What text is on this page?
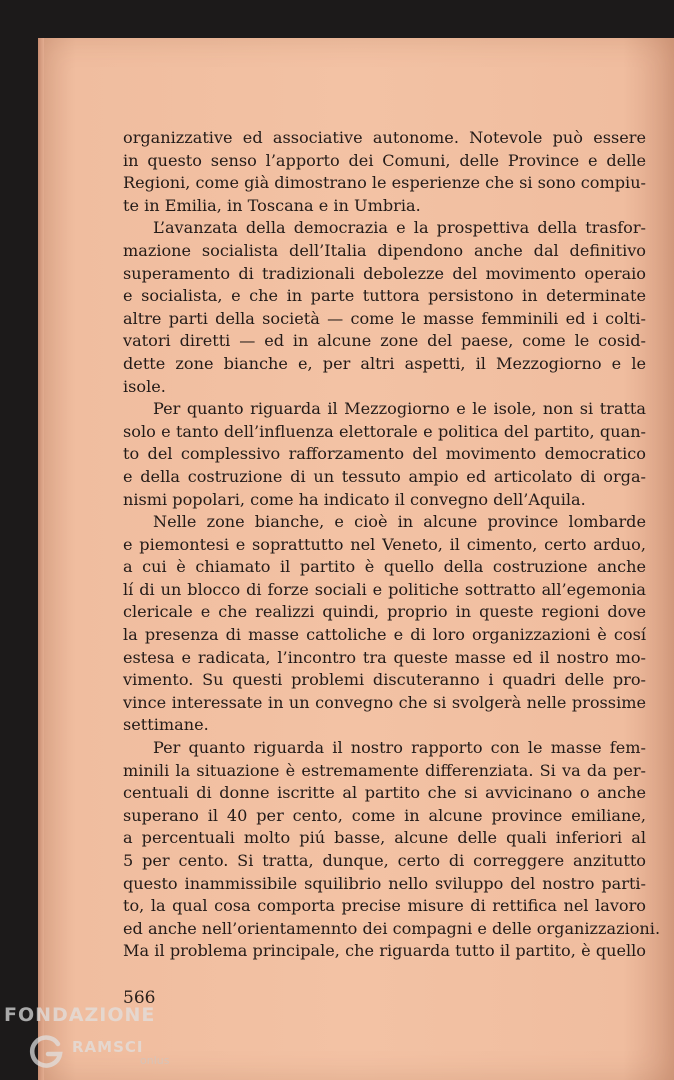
organizzative ed associative autonome. Notevole può essere
in questo senso l’apporto dei Comuni, delle Province e delle
Regioni, come già dimostrano le esperienze che si sono compiu-
te in Emilia, in Toscana e in Umbria.
L’avanzata della democrazia e la prospettiva della trasfor-
mazione socialista dell’Italia dipendono anche dal definitivo
superamento di tradizionali debolezze del movimento operaio
e socialista, e che in parte tuttora persistono in determinate
altre parti della società — come le masse femminili ed i colti-
vatori diretti — ed in alcune zone del paese, come le cosid-
dette zone bianche e, per altri aspetti, il Mezzogiorno e le
isole.
Per quanto riguarda il Mezzogiorno e le isole, non si tratta
solo e tanto dell’influenza elettorale e politica del partito, quan-
to del complessivo rafforzamento del movimento democratico
e della costruzione di un tessuto ampio ed articolato di orga-
nismi popolari, come ha indicato il convegno dell’Aquila.
Nelle zone bianche, e cioè in alcune province lombarde
e piemontesi e soprattutto nel Veneto, il cimento, certo arduo,
a cui è chiamato il partito è quello della costruzione anche
lí di un blocco di forze sociali e politiche sottratto all’egemonia
clericale e che realizzi quindi, proprio in queste regioni dove
la presenza di masse cattoliche e di loro organizzazioni è cosí
estesa e radicata, l’incontro tra queste masse ed il nostro mo-
vimento. Su questi problemi discuteranno i quadri delle pro-
vince interessate in un convegno che si svolgerà nelle prossime
settimane.
Per quanto riguarda il nostro rapporto con le masse fem-
minili la situazione è estremamente differenziata. Si va da per-
centuali di donne iscritte al partito che si avvicinano o anche
superano il 40 per cento, come in alcune province emiliane,
a percentuali molto piú basse, alcune delle quali inferiori al
5 per cento. Si tratta, dunque, certo di correggere anzitutto
questo inammissibile squilibrio nello sviluppo del nostro parti-
to, la qual cosa comporta precise misure di rettifica nel lavoro
ed anche nell’orientamennto dei compagni e delle organizzazioni.
Ma il problema principale, che riguarda tutto il partito, è quello
566
FONDAZIONE
RAMSCI
onlus
